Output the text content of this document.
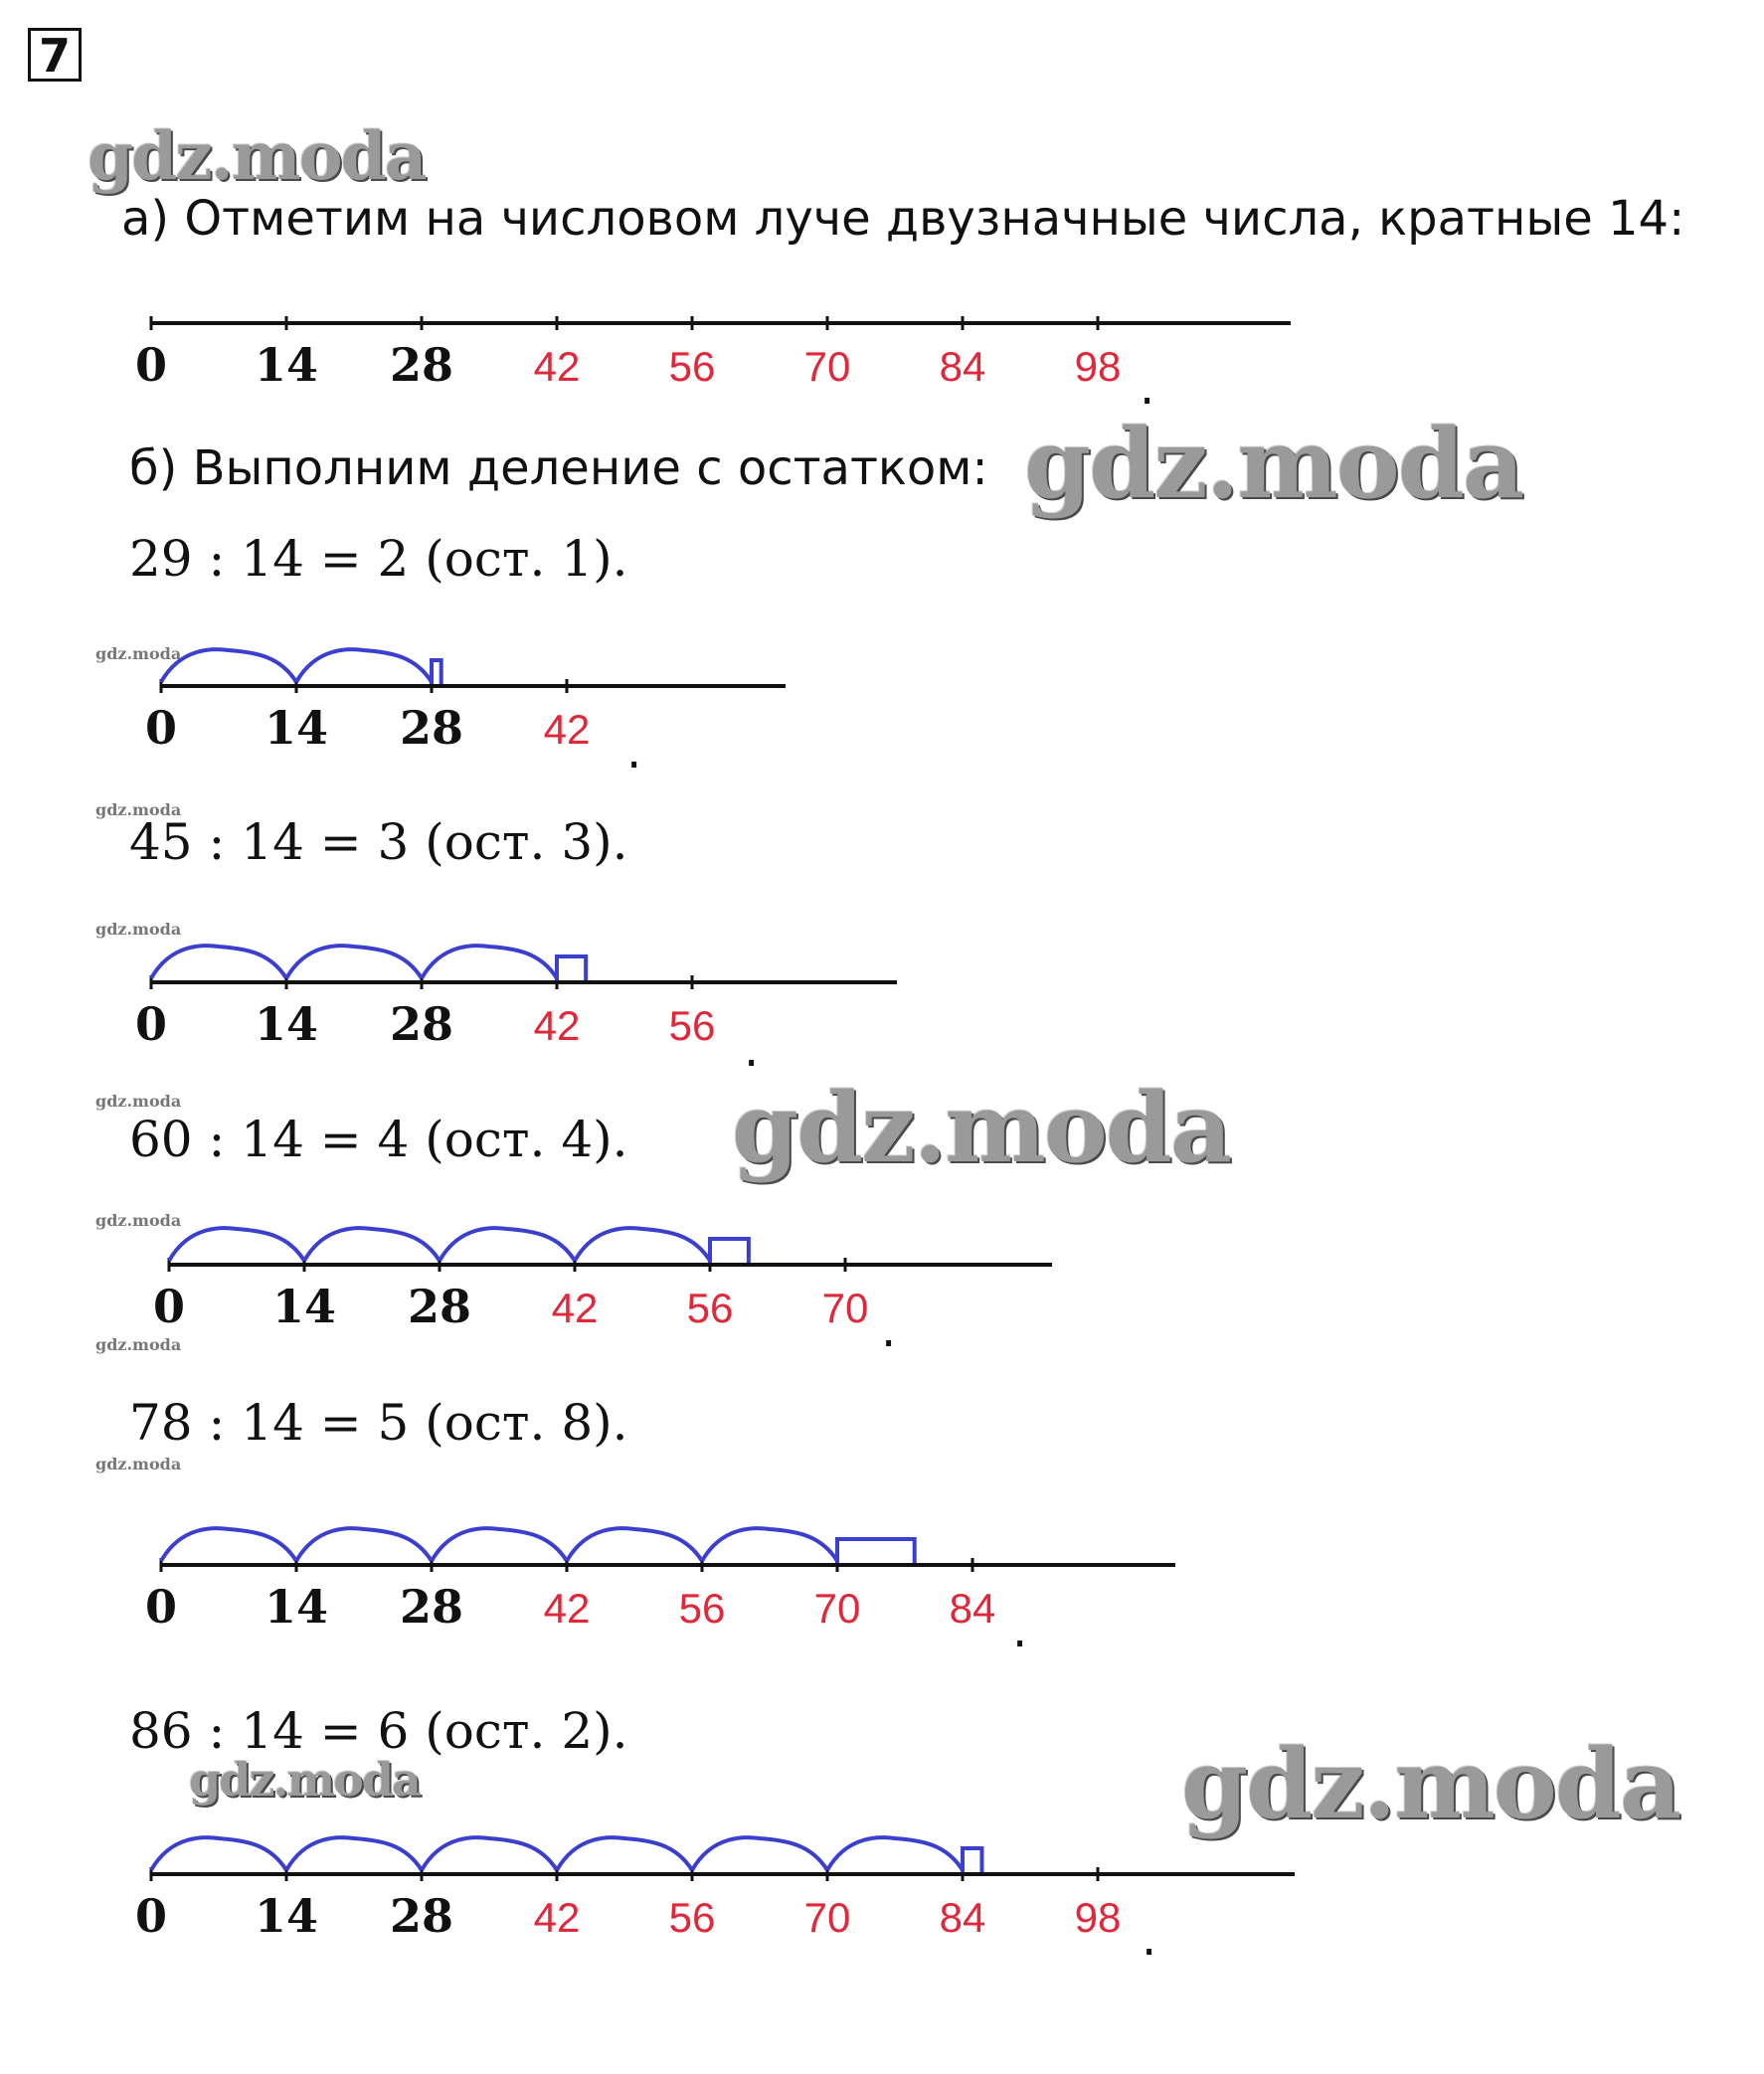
7
gdz.moda
а) Отметим на числовом луче двузначные числа, кратные 14:
0 14 28 42 56 70 84 98 .
б) Выполним деление с остатком: gdz.moda
29 : 14 = 2 (ост. 1).
gdz.moda
0 14 28 42 .
gdz.moda
45 : 14 = 3 (ост. 3).
gdz.moda
0 14 28 42 56 .
gdz.moda
60 : 14 = 4 (ост. 4). gdz.moda
gdz.moda
0 14 28 42 56 70 .
gdz.moda
78 : 14 = 5 (ост. 8).
gdz.moda
0 14 28 42 56 70 84 .
86 : 14 = 6 (ост. 2).
gdz.moda	gdz.moda
0 14 28 42 56 70 84 98 .
